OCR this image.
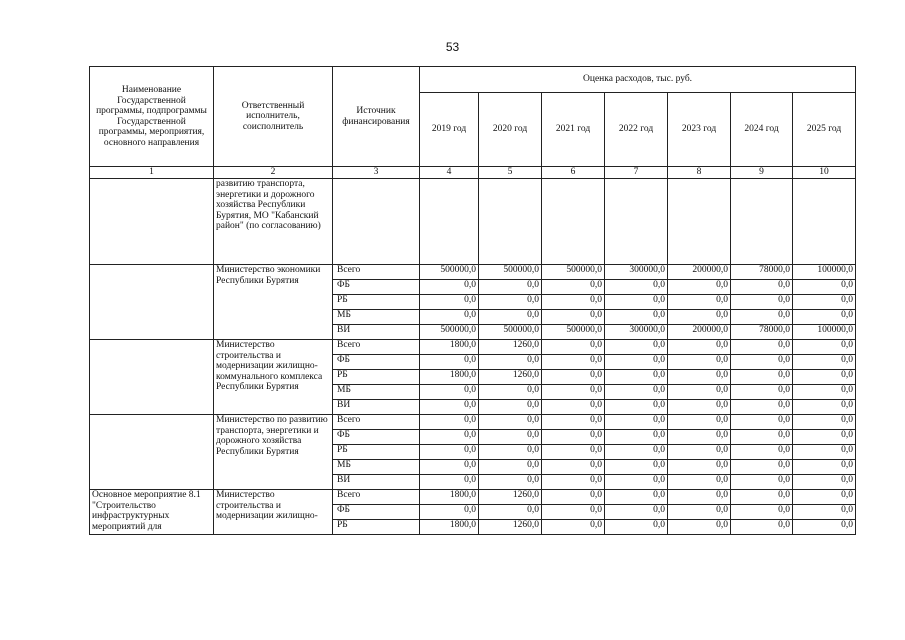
53
Наименование Государственной программы, подпрограммы Государственной программы, мероприятия, основного направления	Ответственный исполнитель, соисполнитель	Источник финансирования	Оценка расходов, тыс. руб.						
			2019 год	2020 год	2021 год	2022 год	2023 год	2024 год	2025 год
1	2	3	4	5	6	7	8	9	10
	развитию транспорта, энергетики и дорожного хозяйства Республики Бурятия, МО "Кабанский район" (по согласованию)								
	Министерство экономики Республики Бурятия	Всего	500000,0	500000,0	500000,0	300000,0	200000,0	78000,0	100000,0
		ФБ	0,0	0,0	0,0	0,0	0,0	0,0	0,0
		РБ	0,0	0,0	0,0	0,0	0,0	0,0	0,0
		МБ	0,0	0,0	0,0	0,0	0,0	0,0	0,0
		ВИ	500000,0	500000,0	500000,0	300000,0	200000,0	78000,0	100000,0
	Министерство строительства и модернизации жилищно-коммунального комплекса Республики Бурятия	Всего	1800,0	1260,0	0,0	0,0	0,0	0,0	0,0
		ФБ	0,0	0,0	0,0	0,0	0,0	0,0	0,0
		РБ	1800,0	1260,0	0,0	0,0	0,0	0,0	0,0
		МБ	0,0	0,0	0,0	0,0	0,0	0,0	0,0
		ВИ	0,0	0,0	0,0	0,0	0,0	0,0	0,0
	Министерство по развитию транспорта, энергетики и дорожного хозяйства Республики Бурятия	Всего	0,0	0,0	0,0	0,0	0,0	0,0	0,0
		ФБ	0,0	0,0	0,0	0,0	0,0	0,0	0,0
		РБ	0,0	0,0	0,0	0,0	0,0	0,0	0,0
		МБ	0,0	0,0	0,0	0,0	0,0	0,0	0,0
		ВИ	0,0	0,0	0,0	0,0	0,0	0,0	0,0
Основное мероприятие 8.1 "Строительство инфраструктурных мероприятий для	Министерство строительства и модернизации жилищно-	Всего	1800,0	1260,0	0,0	0,0	0,0	0,0	0,0
		ФБ	0,0	0,0	0,0	0,0	0,0	0,0	0,0
		РБ	1800,0	1260,0	0,0	0,0	0,0	0,0	0,0
